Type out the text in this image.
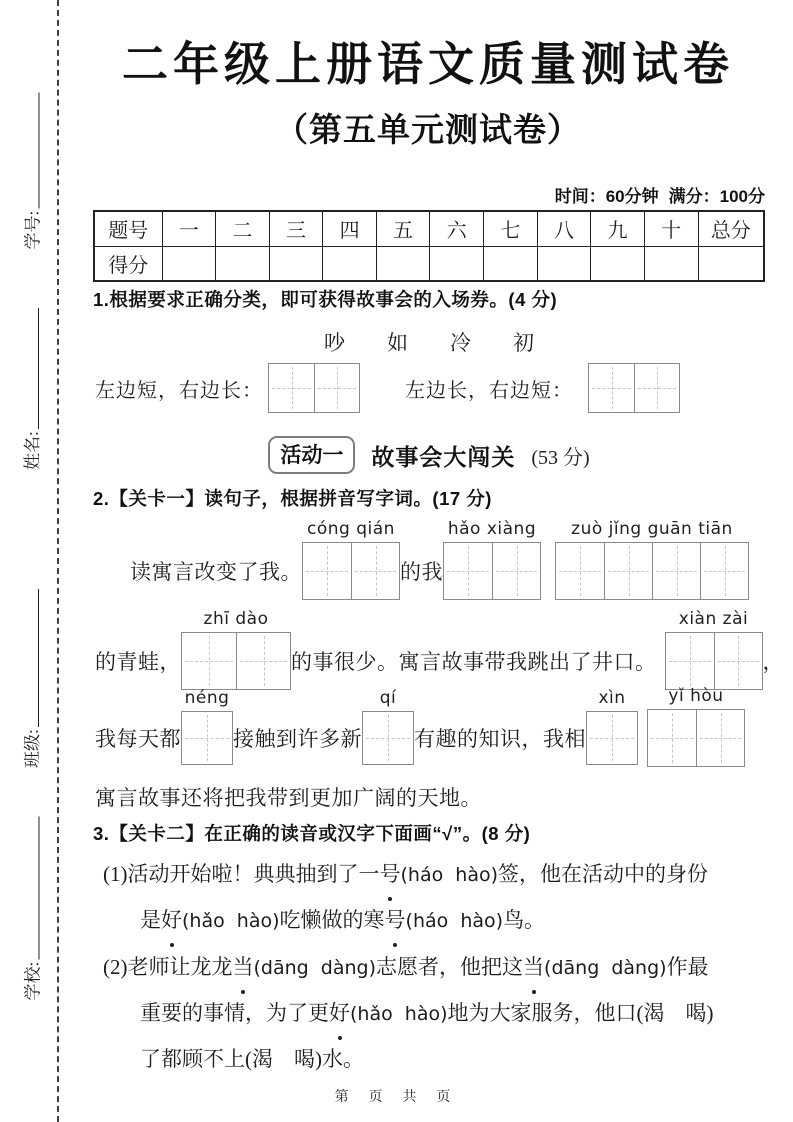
学号:
姓名:
班级:
学校:
二年级上册语文质量测试卷
（第五单元测试卷）
时间：60分钟 满分：100分
题号	一	二	三	四	五	六	七	八	九	十	总分
得分											
1.根据要求正确分类，即可获得故事会的入场券。(4 分)
吵 如 冷 初
左边短，右边长：	左边长，右边短：
活动一	故事会大闯关 (53 分)
2.【关卡一】读句子，根据拼音写字词。(17 分)
读寓言改变了我。
cóng qián
的我
hǎo xiàng	zuò jǐng guān tiān
的青蛙，
zhī dào
的事很少。寓言故事带我跳出了井口。
xiàn zài
，
我每天都
néng
接触到许多新
qí
有趣的知识，我相
xìn	yǐ hòu
寓言故事还将把我带到更加广阔的天地。
3.【关卡二】在正确的读音或汉字下面画“√”。(8 分)
(1)活动开始啦！典典抽到了一号(háo  hào)签，他在活动中的身份
是好(hǎo  hào)吃懒做的寒号(háo  hào)鸟。
(2)老师让龙龙当(dāng  dàng)志愿者，他把这当(dāng  dàng)作最
重要的事情，为了更好(hǎo  hào)地为大家服务，他口(渴　喝)
了都顾不上(渴　喝)水。
第 页 共 页
